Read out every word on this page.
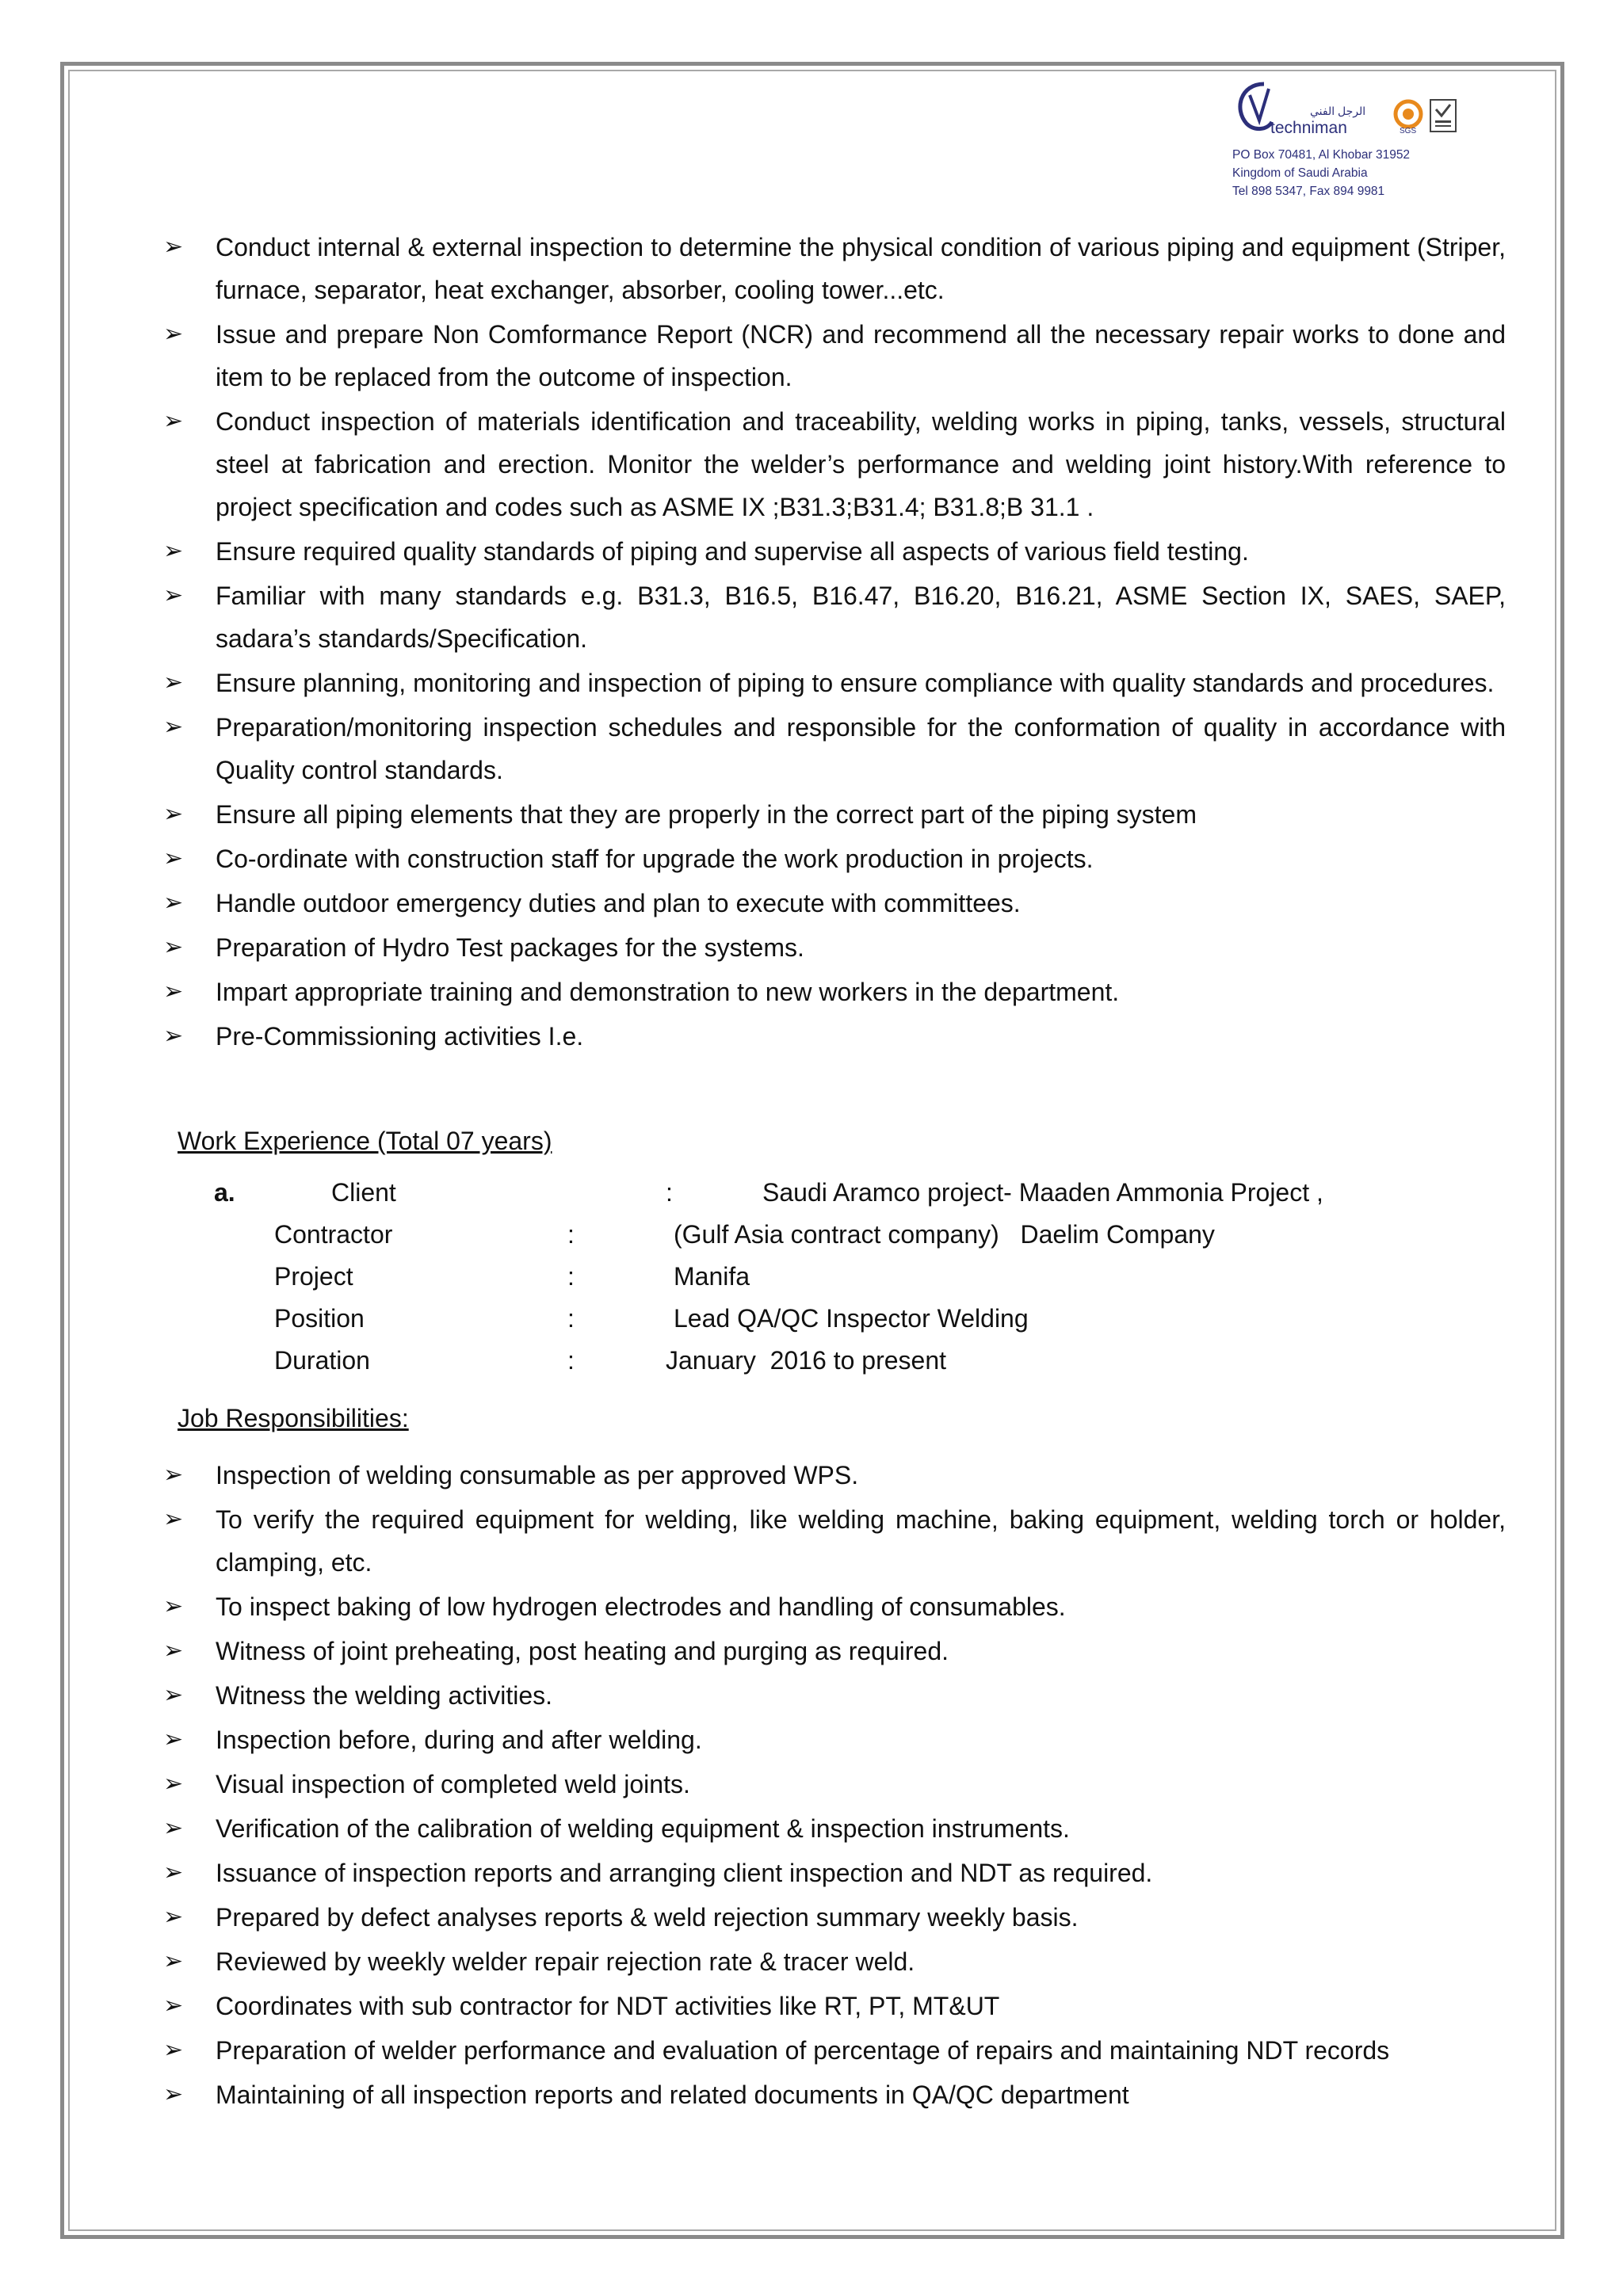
الرجل الفني
techniman	SGS
PO Box 70481, Al Khobar 31952
Kingdom of Saudi Arabia
Tel 898 5347, Fax 894 9981
➢ Conduct internal & external inspection to determine the physical condition of various piping and equipment (Striper, furnace, separator, heat exchanger, absorber, cooling tower...etc.
➢ Issue and prepare Non Comformance Report (NCR) and recommend all the necessary repair works to done and item to be replaced from the outcome of inspection.
➢ Conduct inspection of materials identification and traceability, welding works in piping, tanks, vessels, structural steel at fabrication and erection. Monitor the welder’s performance and welding joint history.With reference to project specification and codes such as ASME IX ;B31.3;B31.4; B31.8;B 31.1 .
➢ Ensure required quality standards of piping and supervise all aspects of various field testing.
➢ Familiar with many standards e.g. B31.3, B16.5, B16.47, B16.20, B16.21, ASME Section IX, SAES, SAEP, sadara’s standards/Specification.
➢ Ensure planning, monitoring and inspection of piping to ensure compliance with quality standards and procedures.
➢ Preparation/monitoring inspection schedules and responsible for the conformation of quality in accordance with Quality control standards.
➢ Ensure all piping elements that they are properly in the correct part of the piping system
➢ Co-ordinate with construction staff for upgrade the work production in projects.
➢ Handle outdoor emergency duties and plan to execute with committees.
➢ Preparation of Hydro Test packages for the systems.
➢ Impart appropriate training and demonstration to new workers in the department.
➢ Pre-Commissioning activities I.e.
Work Experience (Total 07 years)
a.	Client	:	Saudi Aramco project- Maaden Ammonia Project ,
Contractor	:	(Gulf Asia contract company)   Daelim Company
Project	:	Manifa
Position	:	Lead QA/QC Inspector Welding
Duration	:	January  2016 to present
Job Responsibilities:
➢ Inspection of welding consumable as per approved WPS.
➢ To verify the required equipment for welding, like welding machine, baking equipment, welding torch or holder, clamping, etc.
➢ To inspect baking of low hydrogen electrodes and handling of consumables.
➢ Witness of joint preheating, post heating and purging as required.
➢ Witness the welding activities.
➢ Inspection before, during and after welding.
➢ Visual inspection of completed weld joints.
➢ Verification of the calibration of welding equipment & inspection instruments.
➢ Issuance of inspection reports and arranging client inspection and NDT as required.
➢ Prepared by defect analyses reports & weld rejection summary weekly basis.
➢ Reviewed by weekly welder repair rejection rate & tracer weld.
➢ Coordinates with sub contractor for NDT activities like RT, PT, MT&UT
➢ Preparation of welder performance and evaluation of percentage of repairs and maintaining NDT records
➢ Maintaining of all inspection reports and related documents in QA/QC department
